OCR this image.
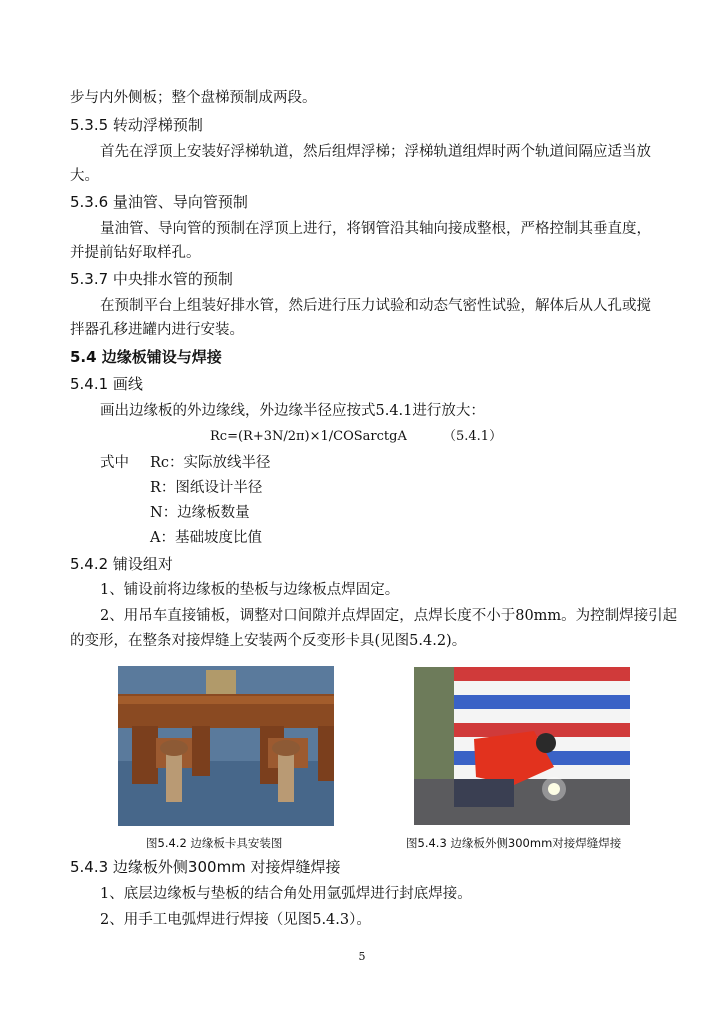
步与内外侧板；整个盘梯预制成两段。
5.3.5 转动浮梯预制
首先在浮顶上安装好浮梯轨道，然后组焊浮梯；浮梯轨道组焊时两个轨道间隔应适当放
大。
5.3.6 量油管、导向管预制
量油管、导向管的预制在浮顶上进行，将钢管沿其轴向接成整根，严格控制其垂直度，
并提前钻好取样孔。
5.3.7 中央排水管的预制
在预制平台上组装好排水管，然后进行压力试验和动态气密性试验，解体后从人孔或搅
拌器孔移进罐内进行安装。
5.4 边缘板铺设与焊接
5.4.1 画线
画出边缘板的外边缘线，外边缘半径应按式5.4.1进行放大：
Rc=(R+3N/2π)×1/COSarctgA	（5.4.1）
式中 Rc：实际放线半径
R：图纸设计半径
N：边缘板数量
A：基础坡度比值
5.4.2 铺设组对
1、铺设前将边缘板的垫板与边缘板点焊固定。
2、用吊车直接铺板，调整对口间隙并点焊固定，点焊长度不小于80mm。为控制焊接引起
的变形，在整条对接焊缝上安装两个反变形卡具(见图5.4.2)。
图5.4.2 边缘板卡具安装图	图5.4.3 边缘板外侧300mm对接焊缝焊接
5.4.3 边缘板外侧300mm 对接焊缝焊接
1、底层边缘板与垫板的结合角处用氩弧焊进行封底焊接。
2、用手工电弧焊进行焊接（见图5.4.3）。
5
